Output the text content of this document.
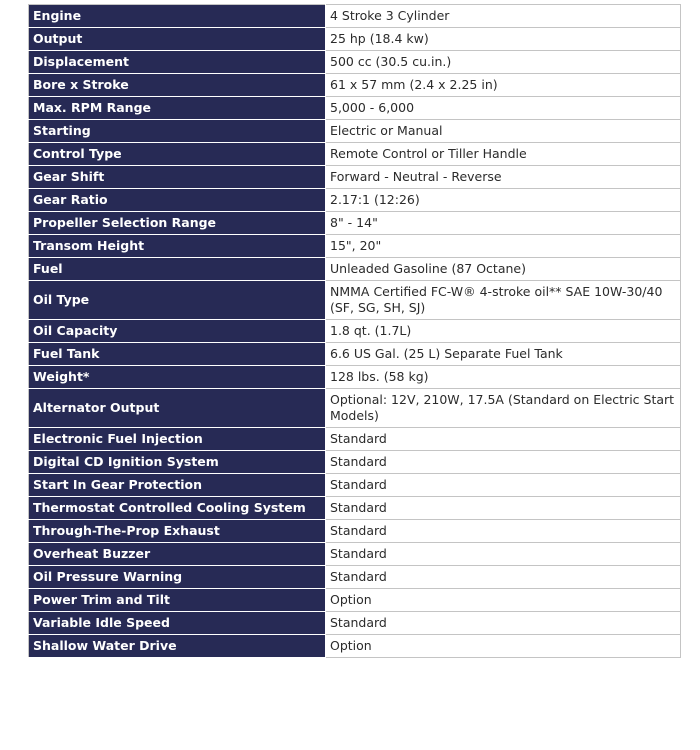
Engine	4 Stroke 3 Cylinder
Output	25 hp (18.4 kw)
Displacement	500 cc (30.5 cu.in.)
Bore x Stroke	61 x 57 mm (2.4 x 2.25 in)
Max. RPM Range	5,000 - 6,000
Starting	Electric or Manual
Control Type	Remote Control or Tiller Handle
Gear Shift	Forward - Neutral - Reverse
Gear Ratio	2.17:1 (12:26)
Propeller Selection Range	8" - 14"
Transom Height	15", 20"
Fuel	Unleaded Gasoline (87 Octane)
Oil Type	NMMA Certified FC-W® 4-stroke oil** SAE 10W-30/40 (SF, SG, SH, SJ)
Oil Capacity	1.8 qt. (1.7L)
Fuel Tank	6.6 US Gal. (25 L) Separate Fuel Tank
Weight*	128 lbs. (58 kg)
Alternator Output	Optional: 12V, 210W, 17.5A (Standard on Electric Start Models)
Electronic Fuel Injection	Standard
Digital CD Ignition System	Standard
Start In Gear Protection	Standard
Thermostat Controlled Cooling System	Standard
Through-The-Prop Exhaust	Standard
Overheat Buzzer	Standard
Oil Pressure Warning	Standard
Power Trim and Tilt	Option
Variable Idle Speed	Standard
Shallow Water Drive	Option
